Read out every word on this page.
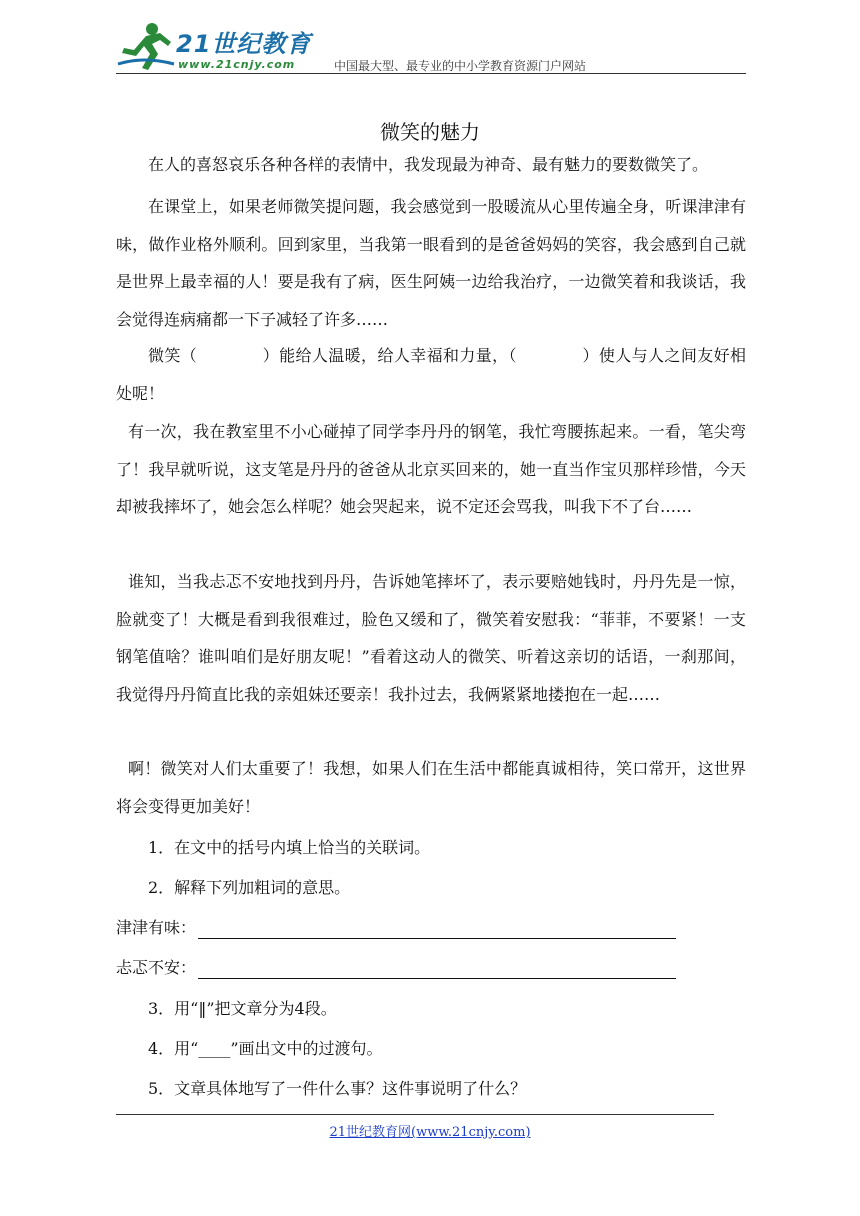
21世纪教育
www.21cnjy.com	中国最大型、最专业的中小学教育资源门户网站
微笑的魅力

在人的喜怒哀乐各种各样的表情中，我发现最为神奇、最有魅力的要数微笑了。

在课堂上，如果老师微笑提问题，我会感觉到一股暖流从心里传遍全身，听课津津有味，做作业格外顺利。回到家里，当我第一眼看到的是爸爸妈妈的笑容，我会感到自己就是世界上最幸福的人！要是我有了病，医生阿姨一边给我治疗，一边微笑着和我谈话，我会觉得连病痛都一下子减轻了许多……

微笑（　　　　）能给人温暖，给人幸福和力量，（　　　　）使人与人之间友好相处呢！

有一次，我在教室里不小心碰掉了同学李丹丹的钢笔，我忙弯腰拣起来。一看，笔尖弯了！我早就听说，这支笔是丹丹的爸爸从北京买回来的，她一直当作宝贝那样珍惜，今天却被我摔坏了，她会怎么样呢？她会哭起来，说不定还会骂我，叫我下不了台……

谁知，当我忐忑不安地找到丹丹，告诉她笔摔坏了，表示要赔她钱时，丹丹先是一惊，脸就变了！大概是看到我很难过，脸色又缓和了，微笑着安慰我：“菲菲，不要紧！一支钢笔值啥？谁叫咱们是好朋友呢！”看着这动人的微笑、听着这亲切的话语，一刹那间，我觉得丹丹简直比我的亲姐妹还要亲！我扑过去，我俩紧紧地搂抱在一起……

啊！微笑对人们太重要了！我想，如果人们在生活中都能真诚相待，笑口常开，这世界将会变得更加美好！

1．在文中的括号内填上恰当的关联词。
2．解释下列加粗词的意思。
津津有味：
忐忑不安：
3．用“‖”把文章分为4段。
4．用“____”画出文中的过渡句。
5．文章具体地写了一件什么事？这件事说明了什么？
21世纪教育网(www.21cnjy.com)
